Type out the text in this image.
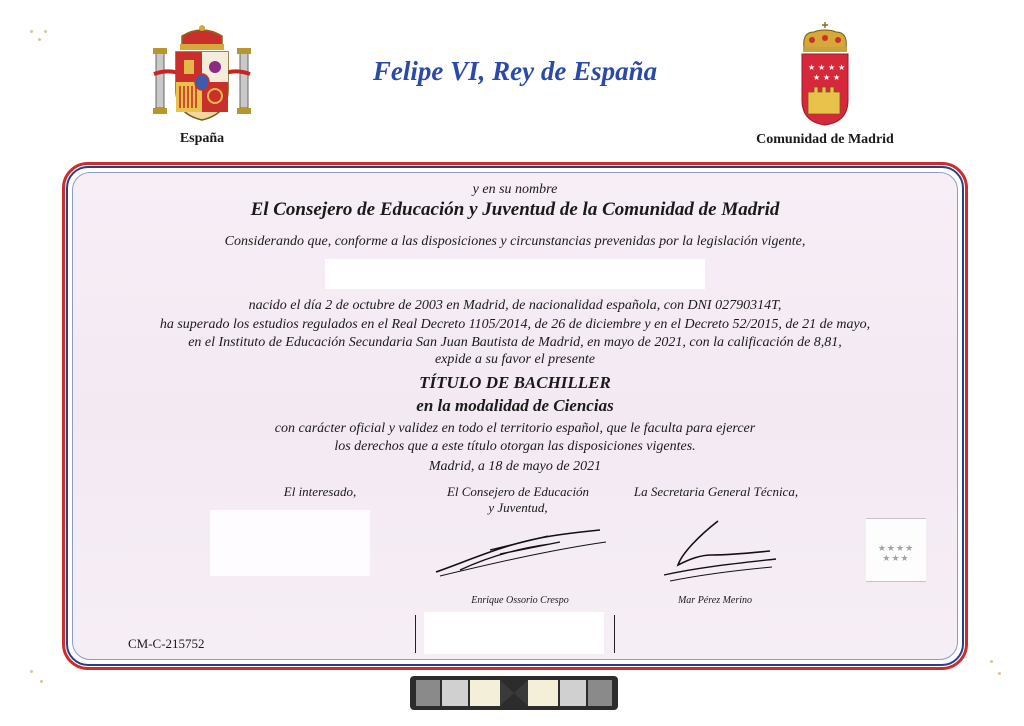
★ ★ ★ ★
★ ★ ★
España	Comunidad de Madrid
Felipe VI, Rey de España
y en su nombre
El Consejero de Educación y Juventud de la Comunidad de Madrid
Considerando que, conforme a las disposiciones y circunstancias prevenidas por la legislación vigente,
nacido el día 2 de octubre de 2003 en Madrid, de nacionalidad española, con DNI 02790314T,
ha superado los estudios regulados en el Real Decreto 1105/2014, de 26 de diciembre y en el Decreto 52/2015, de 21 de mayo,
en el Instituto de Educación Secundaria San Juan Bautista de Madrid, en mayo de 2021, con la calificación de 8,81,
expide a su favor el presente
TÍTULO DE BACHILLER
en la modalidad de Ciencias
con carácter oficial y validez en todo el territorio español, que le faculta para ejercer
los derechos que a este título otorgan las disposiciones vigentes.
Madrid, a 18 de mayo de 2021
El interesado,	El Consejero de Educación
y Juventud,
La Secretaria General Técnica,
Enrique Ossorio Crespo	Mar Pérez Merino
★★★★
★★★
CM-C-215752
